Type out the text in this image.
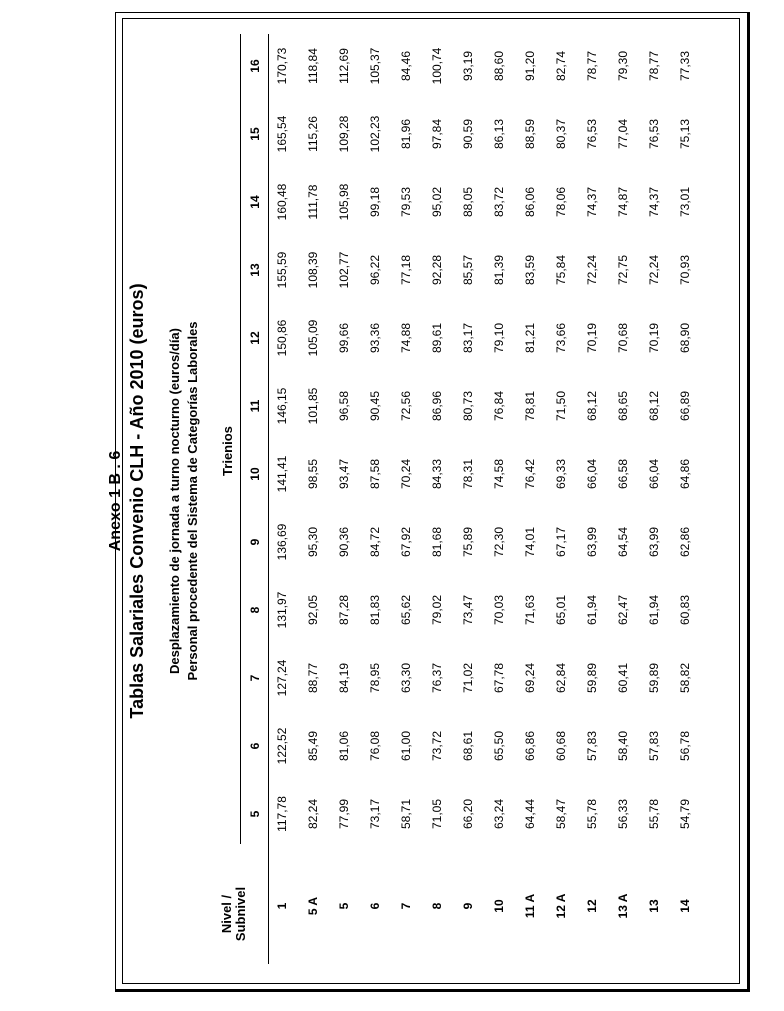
Anexo 1 B . 6 Tablas Salariales Convenio CLH - Año 2010 (euros) Desplazamiento de jornada a turno nocturno (euros/día) Personal procedente del Sistema de Categorías Laborales
Nivel / Subnivel
Trienios
	5	6	7	8	9	10	11	12	13	14	15	16
1	117,78	122,52	127,24	131,97	136,69	141,41	146,15	150,86	155,59	160,48	165,54	170,73
5 A	82,24	85,49	88,77	92,05	95,30	98,55	101,85	105,09	108,39	111,78	115,26	118,84
5	77,99	81,06	84,19	87,28	90,36	93,47	96,58	99,66	102,77	105,98	109,28	112,69
6	73,17	76,08	78,95	81,83	84,72	87,58	90,45	93,36	96,22	99,18	102,23	105,37
7	58,71	61,00	63,30	65,62	67,92	70,24	72,56	74,88	77,18	79,53	81,96	84,46
8	71,05	73,72	76,37	79,02	81,68	84,33	86,96	89,61	92,28	95,02	97,84	100,74
9	66,20	68,61	71,02	73,47	75,89	78,31	80,73	83,17	85,57	88,05	90,59	93,19
10	63,24	65,50	67,78	70,03	72,30	74,58	76,84	79,10	81,39	83,72	86,13	88,60
11 A	64,44	66,86	69,24	71,63	74,01	76,42	78,81	81,21	83,59	86,06	88,59	91,20
12 A	58,47	60,68	62,84	65,01	67,17	69,33	71,50	73,66	75,84	78,06	80,37	82,74
12	55,78	57,83	59,89	61,94	63,99	66,04	68,12	70,19	72,24	74,37	76,53	78,77
13 A	56,33	58,40	60,41	62,47	64,54	66,58	68,65	70,68	72,75	74,87	77,04	79,30
13	55,78	57,83	59,89	61,94	63,99	66,04	68,12	70,19	72,24	74,37	76,53	78,77
14	54,79	56,78	58,82	60,83	62,86	64,86	66,89	68,90	70,93	73,01	75,13	77,33
